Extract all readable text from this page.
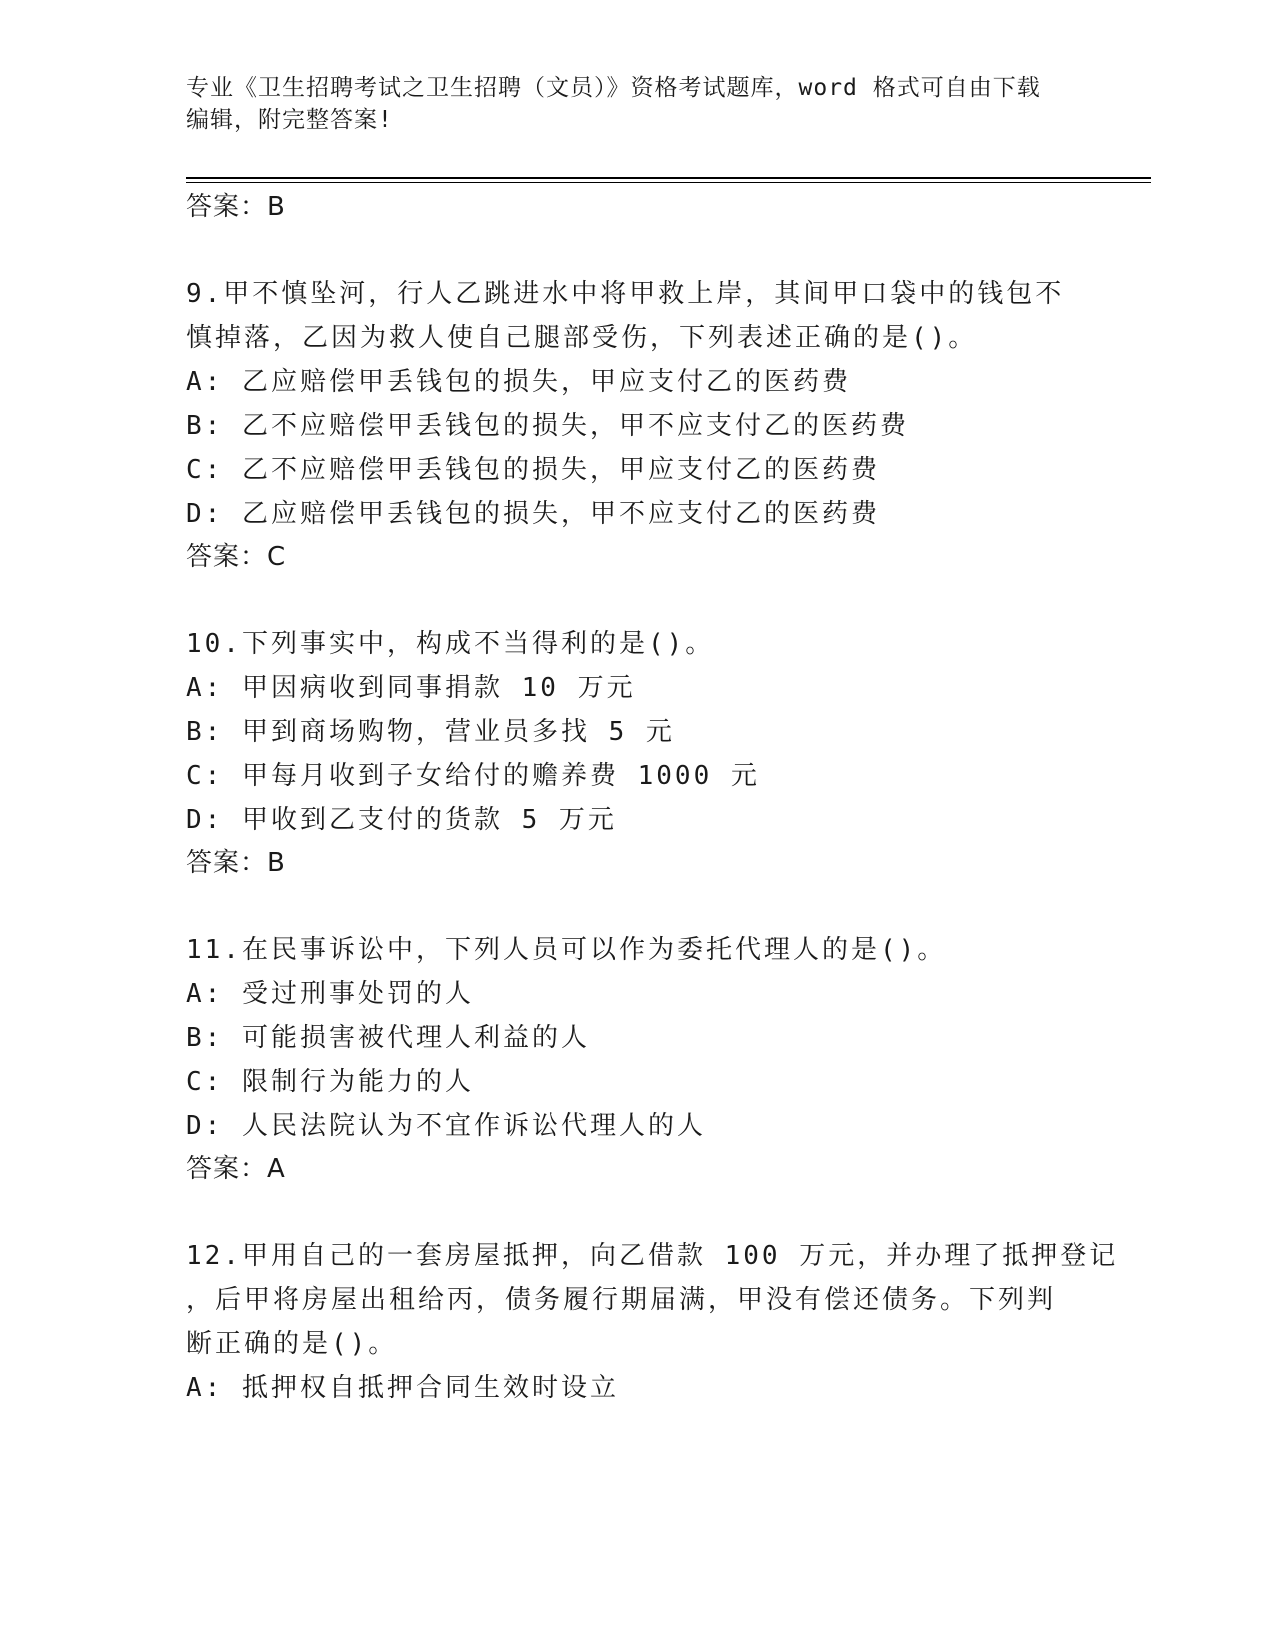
专业《卫生招聘考试之卫生招聘（文员）》资格考试题库，word 格式可自由下载
编辑，附完整答案!
答案：B
9.甲不慎坠河，行人乙跳进水中将甲救上岸，其间甲口袋中的钱包不
慎掉落，乙因为救人使自己腿部受伤，下列表述正确的是()。
A: 乙应赔偿甲丢钱包的损失，甲应支付乙的医药费
B: 乙不应赔偿甲丢钱包的损失，甲不应支付乙的医药费
C: 乙不应赔偿甲丢钱包的损失，甲应支付乙的医药费
D: 乙应赔偿甲丢钱包的损失，甲不应支付乙的医药费
答案：C
10.下列事实中，构成不当得利的是()。
A: 甲因病收到同事捐款 10 万元
B: 甲到商场购物，营业员多找 5 元
C: 甲每月收到子女给付的赡养费 1000 元
D: 甲收到乙支付的货款 5 万元
答案：B
11.在民事诉讼中，下列人员可以作为委托代理人的是()。
A: 受过刑事处罚的人
B: 可能损害被代理人利益的人
C: 限制行为能力的人
D: 人民法院认为不宜作诉讼代理人的人
答案：A
12.甲用自己的一套房屋抵押，向乙借款 100 万元，并办理了抵押登记
，后甲将房屋出租给丙，债务履行期届满，甲没有偿还债务。下列判
断正确的是()。
A: 抵押权自抵押合同生效时设立
